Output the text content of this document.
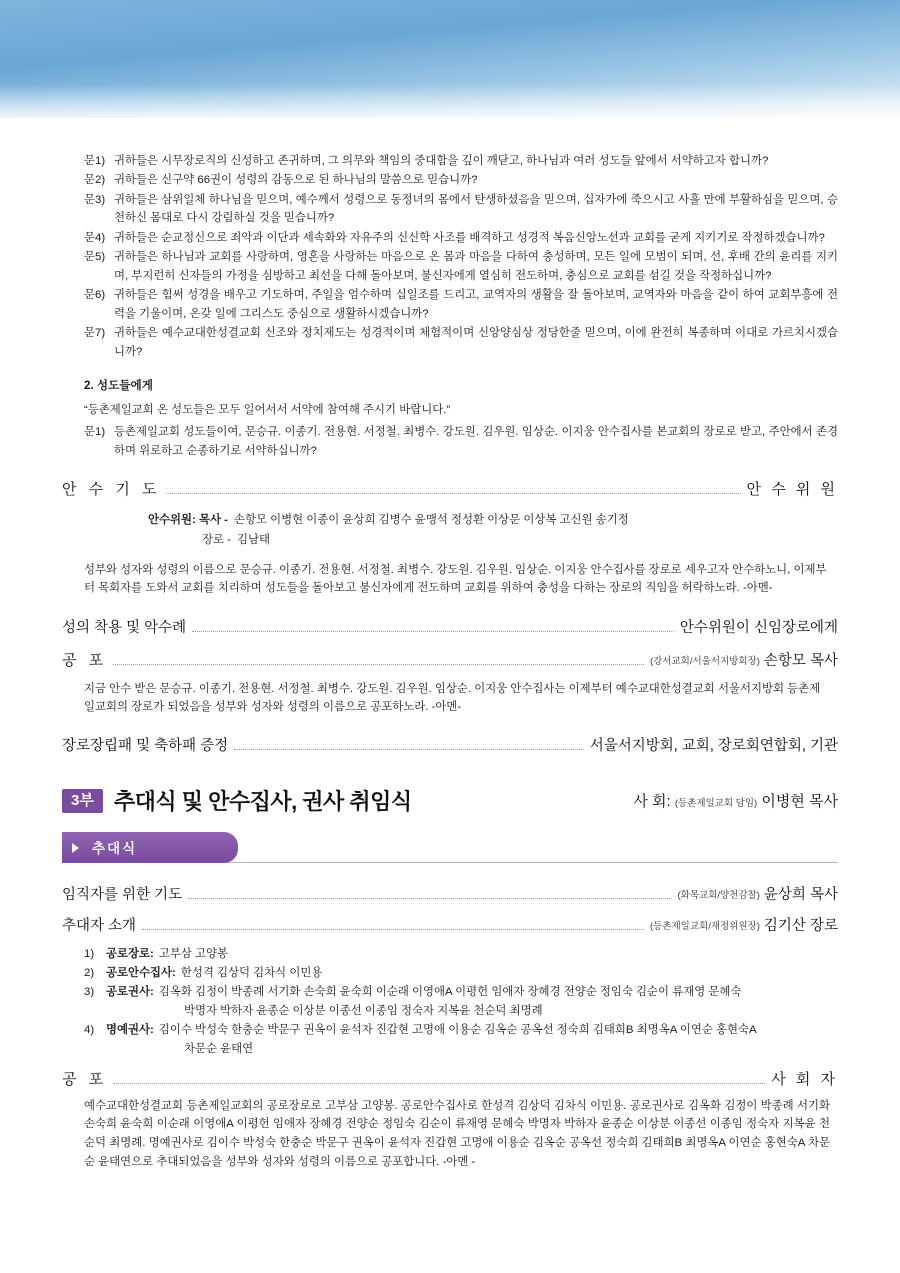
문1) 귀하들은 시무장로직의 신성하고 존귀하며, 그 의무와 책임의 중대함을 깊이 깨닫고, 하나님과 여러 성도들 앞에서 서약하고자 합니까?
문2) 귀하들은 신구약 66권이 성령의 감동으로 된 하나님의 말씀으로 믿습니까?
문3) 귀하들은 삼위일체 하나님을 믿으며, 예수께서 성령으로 동정녀의 몸에서 탄생하셨음을 믿으며, 십자가에 죽으시고 사흘 만에 부활하심을 믿으며, 승천하신 몸대로 다시 강림하실 것을 믿습니까?
문4) 귀하들은 순교정신으로 죄악과 이단과 세속화와 자유주의 신신학 사조를 배격하고 성경적 복음신앙노선과 교회를 굳게 지키기로 작정하겠습니까?
문5) 귀하들은 하나님과 교회를 사랑하며, 영혼을 사랑하는 마음으로 온 몸과 마음을 다하여 충성하며, 모든 일에 모범이 되며, 선, 후배 간의 윤리를 지키며, 부지런히 신자들의 가정을 심방하고 최선을 다해 돌아보며, 불신자에게 열심히 전도하며, 충심으로 교회를 섬길 것을 작정하십니까?
문6) 귀하들은 힘써 성경을 배우고 기도하며, 주일을 엄수하며 십일조를 드리고, 교역자의 생활을 잘 돌아보며, 교역자와 마음을 같이 하여 교회부흥에 전력을 기울이며, 온갖 일에 그리스도 중심으로 생활하시겠습니까?
문7) 귀하들은 예수교대한성결교회 신조와 정치제도는 성경적이며 체험적이며 신앙양심상 정당한줄 믿으며, 이에 완전히 복종하며 이대로 가르치시겠습니까?
2. 성도들에게
“등촌제일교회 온 성도들은 모두 일어서서 서약에 참여해 주시기 바랍니다.”
문1) 등촌제일교회 성도들이여, 문승규. 이종기. 전용현. 서정철. 최병수. 강도원. 김우원. 임상순. 이지웅 안수집사를 본교회의 장로로 받고, 주안에서 존경하며 위로하고 순종하기로 서약하십니까?
안 수 기 도	안 수 위 원
안수위원: 목사 - 손항모 이병현 이종이 윤상희 김병수 윤맹석 정성환 이상문 이상복 고신원 송기정
장로 - 김남태
성부와 성자와 성령의 이름으로 문승규. 이종기. 전용현. 서정철. 최병수. 강도원. 김우원. 임상순. 이지웅 안수집사를 장로로 세우고자 안수하노니, 이제부터 목회자를 도와서 교회를 치리하며 성도들을 돌아보고 불신자에게 전도하며 교회를 위하여 충성을 다하는 장로의 직임을 허락하노라. -아멘-
성의 착용 및 악수례	안수위원이 신임장로에게
공 포	(강서교회/서울서지방회장) 손항모 목사
지금 안수 받은 문승규. 이종기. 전용현. 서정철. 최병수. 강도원. 김우원. 임상순. 이지웅 안수집사는 이제부터 예수교대한성결교회 서울서지방회 등촌제일교회의 장로가 되었음을 성부와 성자와 성령의 이름으로 공포하노라. -아멘-
장로장립패 및 축하패 증정	서울서지방회, 교회, 장로회연합회, 기관
3부 추대식 및 안수집사, 권사 취임식	사 회: (등촌제일교회 담임) 이병현 목사
추대식
임직자를 위한 기도	(화목교회/양천감찰) 윤상희 목사
추대자 소개	(등촌제일교회/재정위원장) 김기산 장로
1)	공로장로: 고부삼 고양봉
2)	공로안수집사: 한성격 김상덕 김차식 이민용
3)	공로권사: 김옥화 김정이 박종례 서기화 손숙희 윤숙희 이순래 이영애A 이평헌 임애자 장혜경 전양순 정임숙 김순이 류재영 문혜숙
박명자 박하자 윤종순 이상분 이종선 이종임 정숙자 지복윤 천순덕 최명례
4)	명예권사: 김이수 박성숙 한충순 박문구 권옥이 윤석자 진갑현 고명애 이용순 김옥순 공옥선 정숙희 김태희B 최명옥A 이연순 홍현숙A
차문순 윤태연
공 포	사 회 자
예수교대한성결교회 등촌제일교회의 공로장로로 고부삼 고양봉. 공로안수집사로 한성격 김상덕 김차식 이민용. 공로권사로 김옥화 김정이 박종례 서기화 손숙희 윤숙희 이순래 이영애A 이평헌 임애자 장혜경 전양순 정임숙 김순이 류재영 문혜숙 박명자 박하자 윤종순 이상분 이종선 이종임 정숙자 지복윤 천순덕 최명례. 명예권사로 김이수 박성숙 한충순 박문구 권옥이 윤석자 진갑현 고명애 이용순 김옥순 공옥선 정숙희 김태희B 최명옥A 이연순 홍현숙A 차문순 윤태연으로 추대되었음을 성부와 성자와 성령의 이름으로 공포합니다. -아멘 -
